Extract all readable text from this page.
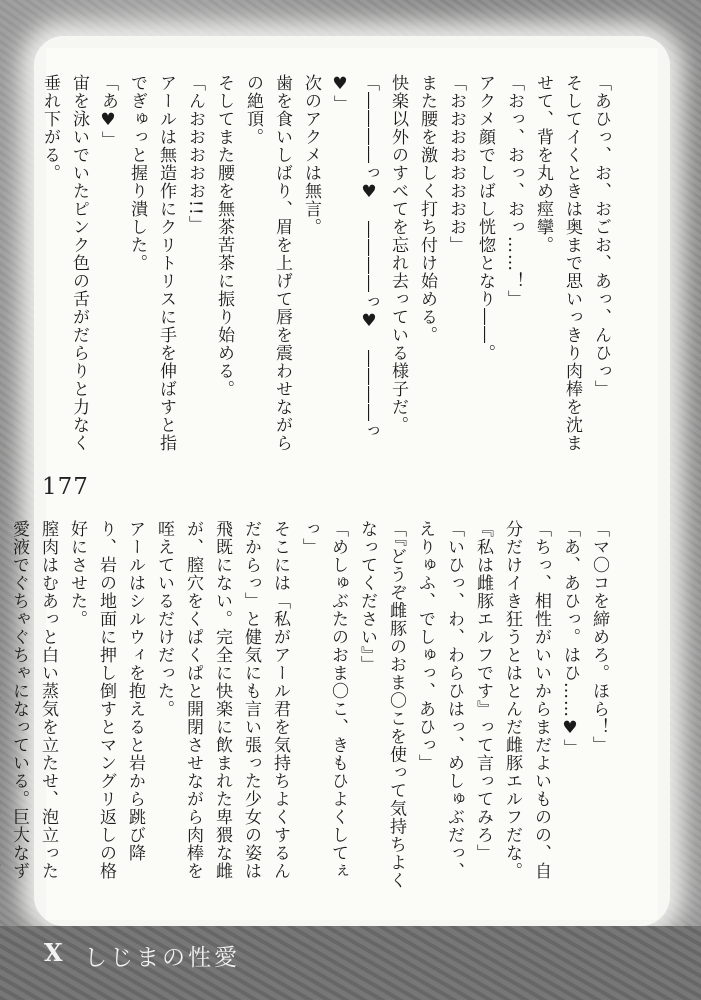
「あひっ、お、おごお、あっ、んひっ」
そしてイくときは奥まで思いっきり肉棒を沈ませて、背を丸め痙攣。
「おっ、おっ、おっ……！」
アクメ顔でしばし恍惚となり――。
「おおおおおおおお」
また腰を激しく打ち付け始める。
快楽以外のすべてを忘れ去っている様子だ。
「――――っ♥　――――っ♥　――――っ♥」
次のアクメは無言。
歯を食いしばり、眉を上げて唇を震わせながらの絶頂。
そしてまた腰を無茶苦茶に振り始める。
「んおおおおお!!」
アールは無造作にクリトリスに手を伸ばすと指でぎゅっと握り潰した。
「あ♥」
宙を泳いでいたピンク色の舌がだらりと力なく垂れ下がる。
177
「マ〇コを締めろ。ほら！」
「あ、あひっ。はひ……♥」
「ちっ、相性がいいからまだよいものの、自分だけイき狂うとはとんだ雌豚エルフだな。『私は雌豚エルフです』って言ってみろ」
「いひっ、わ、わらひはっ、めしゅぶだっ、えりゅふ、でしゅっ、あひっ」
「『どうぞ雌豚のおま〇こを使って気持ちよくなってください』」
「めしゅぶたのおま〇こ、きもひよくしてぇっ」
そこには「私がアール君を気持ちよくするんだからっ」と健気にも言い張った少女の姿は飛既にない。完全に快楽に飲まれた卑猥な雌が、膣穴をくぱくぱと開閉させながら肉棒を咥えているだけだった。
アールはシルウィを抱えると岩から跳び降り、岩の地面に押し倒すとマングリ返しの格好にさせた。
膣肉はむあっと白い蒸気を立たせ、泡立った愛液でぐちゃぐちゃになっている。巨大なず
X しじまの性愛
